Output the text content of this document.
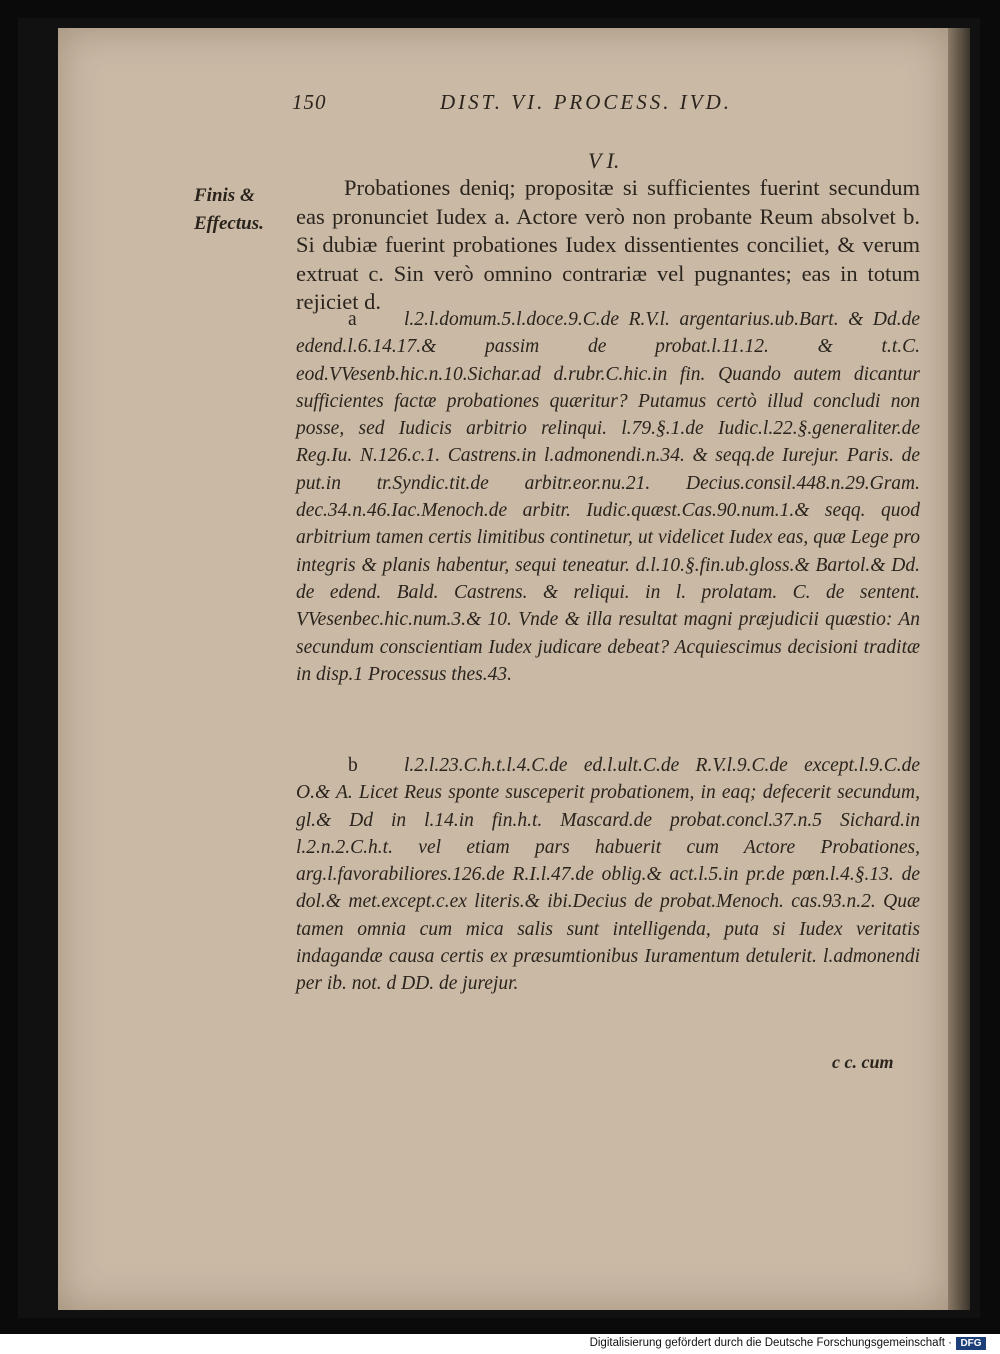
150	DIST. VI. PROCESS. IVD.
V I.
Finis & Effectus.
Probationes deniq; propositæ si sufficientes fuerint secundum eas pronunciet Iudex a. Actore verò non probante Reum absolvet b. Si dubiæ fuerint probationes Iudex dissentientes conciliet, & verum extruat c. Sin verò omnino contrariæ vel pugnantes; eas in totum rejiciet d.
a l.2.l.domum.5.l.doce.9.C.de R.V.l. argentarius.ub.Bart. & Dd.de edend.l.6.14.17.& passim de probat.l.11.12. & t.t.C. eod.VVesenb.hic.n.10.Sichar.ad d.rubr.C.hic.in fin. Quando autem dicantur sufficientes factæ probationes quæritur? Putamus certò illud concludi non posse, sed Iudicis arbitrio relinqui. l.79.§.1.de Iudic.l.22.§.generaliter.de Reg.Iu. N.126.c.1. Castrens.in l.admonendi.n.34. & seqq.de Iurejur. Paris. de put.in tr.Syndic.tit.de arbitr.eor.nu.21. Decius.consil.448.n.29.Gram. dec.34.n.46.Iac.Menoch.de arbitr. Iudic.quæst.Cas.90.num.1.& seqq. quod arbitrium tamen certis limitibus continetur, ut videlicet Iudex eas, quæ Lege pro integris & planis habentur, sequi teneatur. d.l.10.§.fin.ub.gloss.& Bartol.& Dd. de edend. Bald. Castrens. & reliqui. in l. prolatam. C. de sentent. VVesenbec.hic.num.3.& 10. Vnde & illa resultat magni præjudicii quæstio: An secundum conscientiam Iudex judicare debeat? Acquiescimus decisioni traditæ in disp.1 Processus thes.43.
b l.2.l.23.C.h.t.l.4.C.de ed.l.ult.C.de R.V.l.9.C.de except.l.9.C.de O.& A. Licet Reus sponte susceperit probationem, in eaq; defecerit secundum, gl.& Dd in l.14.in fin.h.t. Mascard.de probat.concl.37.n.5 Sichard.in l.2.n.2.C.h.t. vel etiam pars habuerit cum Actore Probationes, arg.l.favorabiliores.126.de R.I.l.47.de oblig.& act.l.5.in pr.de pœn.l.4.§.13. de dol.& met.except.c.ex literis.& ibi.Decius de probat.Menoch. cas.93.n.2. Quæ tamen omnia cum mica salis sunt intelligenda, puta si Iudex veritatis indagandæ causa certis ex præsumtionibus Iuramentum detulerit. l.admonendi per ib. not. d DD. de jurejur.
c c. cum
Digitalisierung gefördert durch die Deutsche Forschungsgemeinschaft · DFG
